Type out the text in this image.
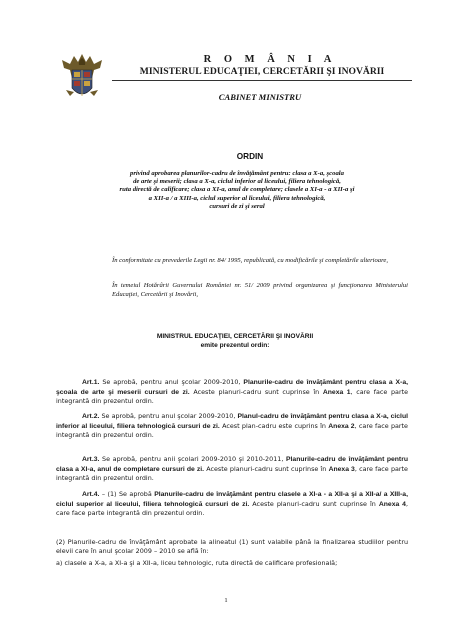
R O M Â N I A
MINISTERUL EDUCAŢIEI, CERCETĂRII ŞI INOVĂRII
CABINET MINISTRU
ORDIN
privind aprobarea planurilor-cadru de învăţământ pentru: clasa a X-a, şcoala
de arte şi meserii; clasa a X-a, ciclul inferior al liceului, filiera tehnologică,
ruta directă de calificare; clasa a XI-a, anul de completare; clasele a XI-a - a XII-a şi
a XII-a / a XIII-a, ciclul superior al liceului, filiera tehnologică,
cursuri de zi şi seral
În conformitate cu prevederile Legii nr. 84/ 1995, republicată, cu modificările şi completările ulterioare,
În temeiul Hotărârii Guvernului României nr. 51/ 2009 privind organizarea şi funcţionarea Ministerului Educaţiei, Cercetării şi Inovării,
MINISTRUL EDUCAŢIEI, CERCETĂRII ŞI INOVĂRII
emite prezentul ordin:
Art.1. Se aprobă, pentru anul şcolar 2009-2010, Planurile-cadru de învăţământ pentru clasa a X-a, şcoala de arte şi meserii cursuri de zi. Aceste planuri-cadru sunt cuprinse în Anexa 1, care face parte integrantă din prezentul ordin.
Art.2. Se aprobă, pentru anul şcolar 2009-2010, Planul-cadru de învăţământ pentru clasa a X-a, ciclul inferior al liceului, filiera tehnologică cursuri de zi. Acest plan-cadru este cuprins în Anexa 2, care face parte integrantă din prezentul ordin.
Art.3. Se aprobă, pentru anii şcolari 2009-2010 şi 2010-2011, Planurile-cadru de învăţământ pentru clasa a XI-a, anul de completare cursuri de zi. Aceste planuri-cadru sunt cuprinse în Anexa 3, care face parte integrantă din prezentul ordin.
Art.4. – (1) Se aprobă Planurile-cadru de învăţământ pentru clasele a XI-a - a XII-a şi a XII-a/ a XIII-a, ciclul superior al liceului, filiera tehnologică cursuri de zi. Aceste planuri-cadru sunt cuprinse în Anexa 4, care face parte integrantă din prezentul ordin.
(2) Planurile-cadru de învăţământ aprobate la alineatul (1) sunt valabile până la finalizarea studiilor pentru elevii care în anul şcolar 2009 – 2010 se află în:
a) clasele a X-a, a XI-a şi a XII-a, liceu tehnologic, ruta directă de calificare profesională;
1
